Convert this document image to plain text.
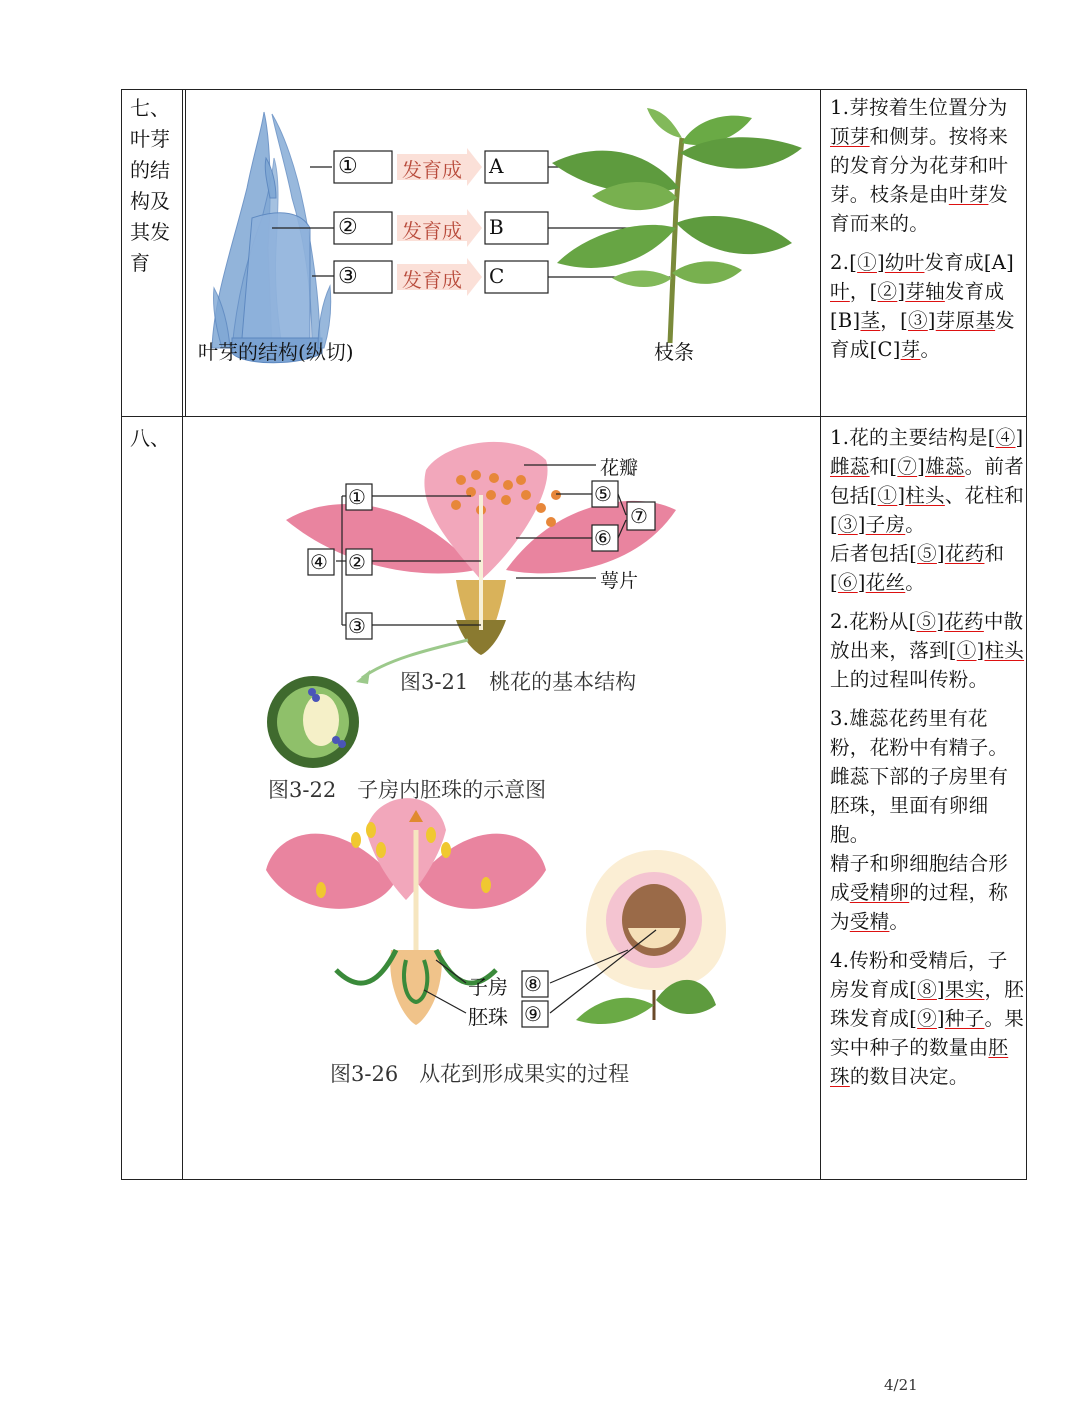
七、叶芽的结构及其发育
①
②
③
发育成
发育成
发育成
A
B
C
叶芽的结构(纵切)	枝条

1.芽按着生位置分为顶芽和侧芽。按将来的发育分为花芽和叶芽。枝条是由叶芽发育而来的。

2.[①]幼叶发育成[A]叶，[②]芽轴发育成[B]茎，[③]芽原基发育成[C]芽。

八、
花瓣
萼片
①
②
③
④
⑤
⑥
⑦
图3-21　桃花的基本结构
图3-22　子房内胚珠的示意图
子房
胚珠
⑧
⑨
图3-26　从花到形成果实的过程

1.花的主要结构是[④]雌蕊和[⑦]雄蕊。前者包括[①]柱头、花柱和[③]子房。
后者包括[⑤]花药和[⑥]花丝。

2.花粉从[⑤]花药中散放出来，落到[①]柱头上的过程叫传粉。

3.雄蕊花药里有花粉，花粉中有精子。雌蕊下部的子房里有胚珠，里面有卵细胞。
精子和卵细胞结合形成受精卵的过程，称为受精。

4.传粉和受精后，子房发育成[⑧]果实，胚珠发育成[⑨]种子。果实中种子的数量由胚珠的数目决定。

4/21
